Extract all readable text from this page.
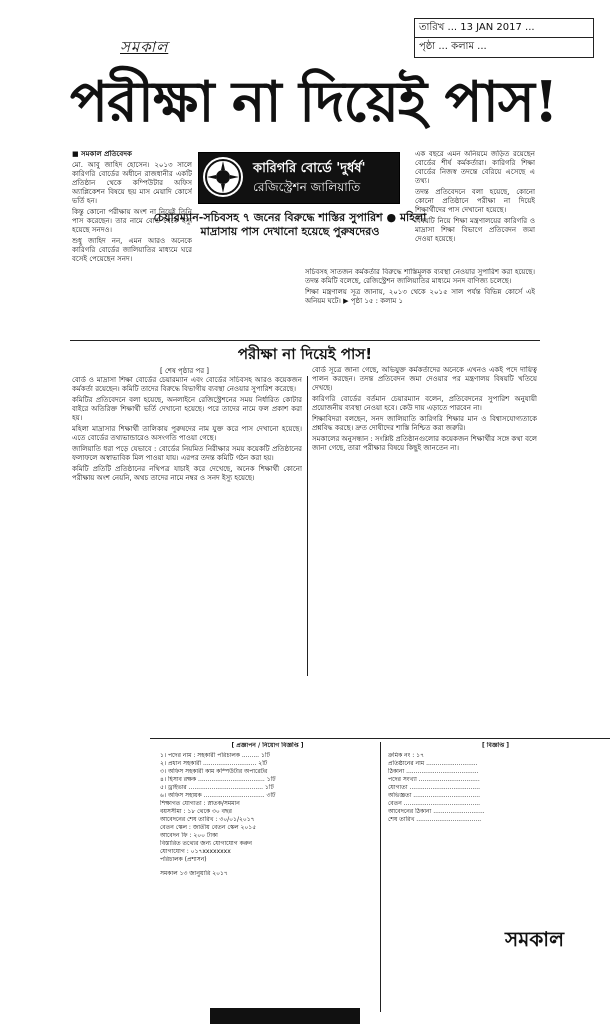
সমকাল
তারিখ ... 13 JAN 2017 ...
পৃষ্ঠা ... কলাম ...
পরীক্ষা না দিয়েই পাস!

■ সমকাল প্রতিবেদক

মো. আবু জাহিদ হোসেন। ২০১৩ সালে কারিগরি বোর্ডের অধীনে রাজধানীর একটি প্রতিষ্ঠান থেকে কম্পিউটার অফিস অ্যাপ্লিকেশন বিষয়ে ছয় মাস মেয়াদি কোর্সে ভর্তি হন।

কিন্তু কোনো পরীক্ষায় অংশ না নিয়েই তিনি পাস করেছেন। তার নামে বোর্ড থেকে ইস্যু হয়েছে সনদও।

শুধু জাহিদ নন, এমন আরও অনেকে কারিগরি বোর্ডের জালিয়াতির মাধ্যমে ঘরে বসেই পেয়েছেন সনদ।

কারিগরি বোর্ডে 'দুর্ধর্ষ'
রেজিস্ট্রেশন জালিয়াতি
চেয়ারম্যান-সচিবসহ ৭ জনের বিরুদ্ধে শাস্তির সুপারিশ ● মহিলা মাদ্রাসায় পাস দেখানো হয়েছে পুরুষদেরও

এক বছরে এমন অনিয়মে জড়িত রয়েছেন বোর্ডের শীর্ষ কর্মকর্তারা। কারিগরি শিক্ষা বোর্ডের নিজস্ব তদন্তে বেরিয়ে এসেছে এ তথ্য।

তদন্ত প্রতিবেদনে বলা হয়েছে, কোনো কোনো প্রতিষ্ঠানে পরীক্ষা না দিয়েই শিক্ষার্থীদের পাস দেখানো হয়েছে।

বিষয়টি নিয়ে শিক্ষা মন্ত্রণালয়ের কারিগরি ও মাদ্রাসা শিক্ষা বিভাগে প্রতিবেদন জমা দেওয়া হয়েছে।

সচিবসহ সাতজন কর্মকর্তার বিরুদ্ধে শাস্তিমূলক ব্যবস্থা নেওয়ার সুপারিশ করা হয়েছে। তদন্ত কমিটি বলেছে, রেজিস্ট্রেশন জালিয়াতির মাধ্যমে সনদ বাণিজ্য চলেছে।

শিক্ষা মন্ত্রণালয় সূত্র জানায়, ২০১৩ থেকে ২০১৫ সাল পর্যন্ত বিভিন্ন কোর্সে এই অনিয়ম ঘটে। ▶ পৃষ্ঠা ১৫ : কলাম ১

পরীক্ষা না দিয়েই পাস!
[ শেষ পৃষ্ঠার পর ]

বোর্ড ও মাদ্রাসা শিক্ষা বোর্ডের চেয়ারম্যান এবং বোর্ডের সচিবসহ আরও কয়েকজন কর্মকর্তা রয়েছেন। কমিটি তাদের বিরুদ্ধে বিভাগীয় ব্যবস্থা নেওয়ার সুপারিশ করেছে।

কমিটির প্রতিবেদনে বলা হয়েছে, অনলাইনে রেজিস্ট্রেশনের সময় নির্ধারিত কোটার বাইরে অতিরিক্ত শিক্ষার্থী ভর্তি দেখানো হয়েছে। পরে তাদের নামে ফল প্রকাশ করা হয়।

মহিলা মাদ্রাসার শিক্ষার্থী তালিকায় পুরুষদের নাম যুক্ত করে পাস দেখানো হয়েছে। এতে বোর্ডের তথ্যভান্ডারেও অসংগতি পাওয়া গেছে।

জালিয়াতি ধরা পড়ে যেভাবে : বোর্ডের নিয়মিত নিরীক্ষার সময় কয়েকটি প্রতিষ্ঠানের ফলাফলে অস্বাভাবিক মিল পাওয়া যায়। এরপর তদন্ত কমিটি গঠন করা হয়।

কমিটি প্রতিটি প্রতিষ্ঠানের নথিপত্র যাচাই করে দেখেছে, অনেক শিক্ষার্থী কোনো পরীক্ষায় অংশ নেয়নি, অথচ তাদের নামে নম্বর ও সনদ ইস্যু হয়েছে।

বোর্ড সূত্রে জানা গেছে, অভিযুক্ত কর্মকর্তাদের অনেকে এখনও একই পদে দায়িত্ব পালন করছেন। তদন্ত প্রতিবেদন জমা দেওয়ার পর মন্ত্রণালয় বিষয়টি খতিয়ে দেখছে।

কারিগরি বোর্ডের বর্তমান চেয়ারম্যান বলেন, প্রতিবেদনের সুপারিশ অনুযায়ী প্রয়োজনীয় ব্যবস্থা নেওয়া হবে। কেউ দায় এড়াতে পারবেন না।

শিক্ষাবিদরা বলছেন, সনদ জালিয়াতি কারিগরি শিক্ষার মান ও বিশ্বাসযোগ্যতাকে প্রশ্নবিদ্ধ করছে। দ্রুত দোষীদের শাস্তি নিশ্চিত করা জরুরি।

সমকালের অনুসন্ধান : সংশ্লিষ্ট প্রতিষ্ঠানগুলোর কয়েকজন শিক্ষার্থীর সঙ্গে কথা বলে জানা গেছে, তারা পরীক্ষার বিষয়ে কিছুই জানতেন না।

[ প্রজ্ঞাপন / নিয়োগ বিজ্ঞপ্তি ]
১। পদের নাম : সহকারী পরিচালক ......... ১টি
২। প্রধান সহকারী ............................ ২টি
৩। অফিস সহকারী কাম কম্পিউটার অপারেটর
৪। হিসাব রক্ষক ................................... ১টি
৫। ড্রাইভার ....................................... ১টি
৬। অফিস সহায়ক ................................ ৩টি
শিক্ষাগত যোগ্যতা : স্নাতক/সমমান
বয়সসীমা : ১৮ থেকে ৩০ বছর
আবেদনের শেষ তারিখ : ৩০/০১/২০১৭
বেতন স্কেল : জাতীয় বেতন স্কেল ২০১৫
আবেদন ফি : ২০০ টাকা
বিস্তারিত তথ্যের জন্য যোগাযোগ করুন
যোগাযোগ : ০১৭xxxxxxxx
পরিচালক (প্রশাসন)
সমকাল ১৩ জানুয়ারি ২০১৭
[ বিজ্ঞপ্তি ]
ক্রমিক নং : ১৭
প্রতিষ্ঠানের নাম ...........................
ঠিকানা ......................................
পদের সংখ্যা ................................
যোগ্যতা .....................................
অভিজ্ঞতা ...................................
বেতন ........................................
আবেদনের ঠিকানা ...........................
শেষ তারিখ ..................................
সমকাল
